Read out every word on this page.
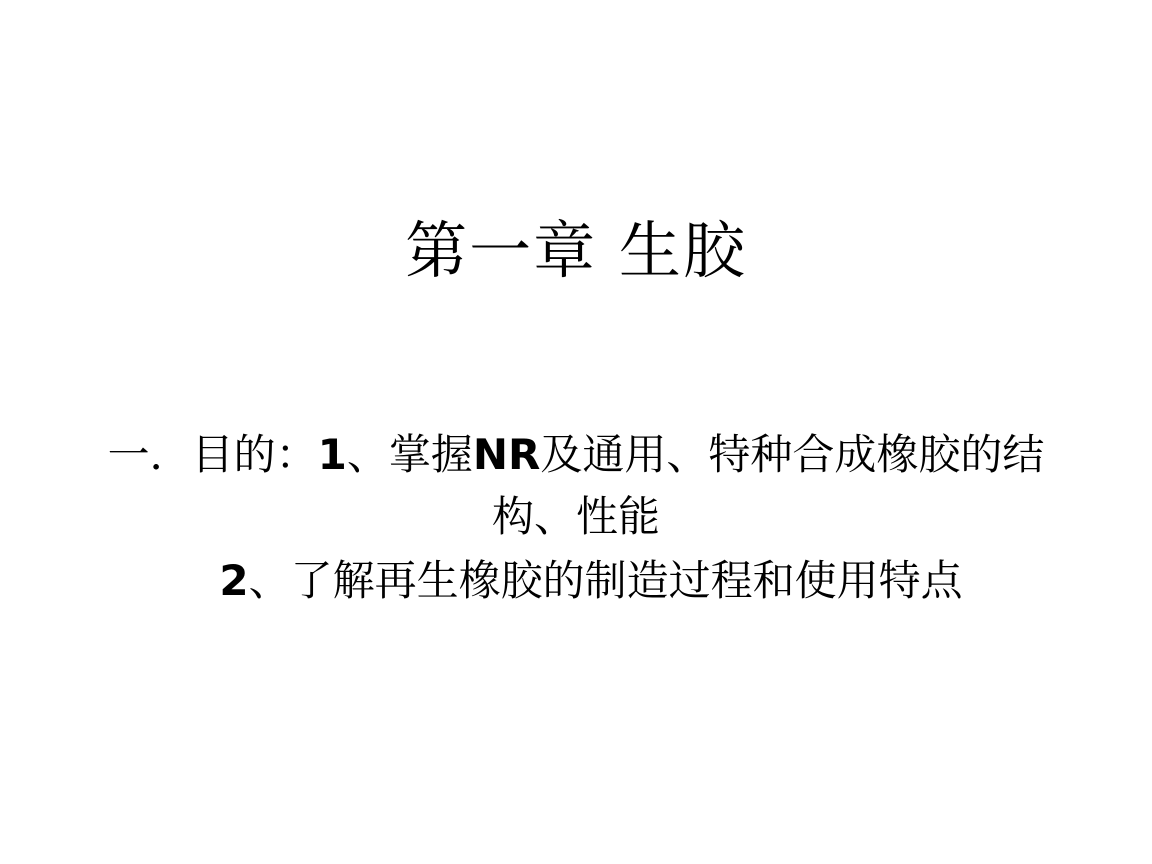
第一章 生胶

一．目的：1、掌握NR及通用、特种合成橡胶的结构、性能

2、了解再生橡胶的制造过程和使用特点
